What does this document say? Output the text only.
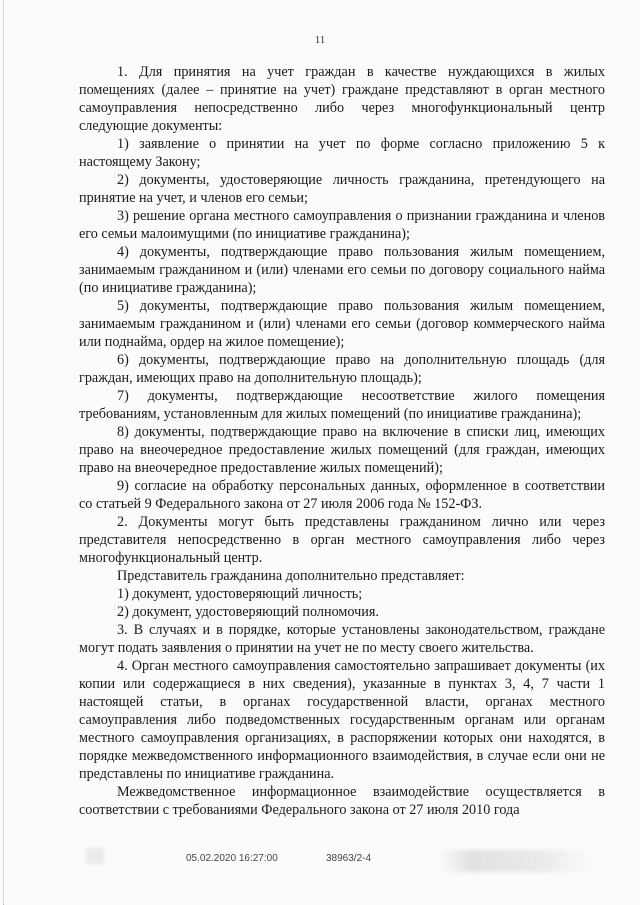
11

1. Для принятия на учет граждан в качестве нуждающихся в жилых помещениях (далее – принятие на учет) граждане представляют в орган местного самоуправления непосредственно либо через многофункциональный центр следующие документы:

1) заявление о принятии на учет по форме согласно приложению 5 к настоящему Закону;

2) документы, удостоверяющие личность гражданина, претендующего на принятие на учет, и членов его семьи;

3) решение органа местного самоуправления о признании гражданина и членов его семьи малоимущими (по инициативе гражданина);

4) документы, подтверждающие право пользования жилым помещением, занимаемым гражданином и (или) членами его семьи по договору социального найма (по инициативе гражданина);

5) документы, подтверждающие право пользования жилым помещением, занимаемым гражданином и (или) членами его семьи (договор коммерческого найма или поднайма, ордер на жилое помещение);

6) документы, подтверждающие право на дополнительную площадь (для граждан, имеющих право на дополнительную площадь);

7) документы, подтверждающие несоответствие жилого помещения требованиям, установленным для жилых помещений (по инициативе гражданина);

8) документы, подтверждающие право на включение в списки лиц, имеющих право на внеочередное предоставление жилых помещений (для граждан, имеющих право на внеочередное предоставление жилых помещений);

9) согласие на обработку персональных данных, оформленное в соответствии со статьей 9 Федерального закона от 27 июля 2006 года № 152-ФЗ.

2. Документы могут быть представлены гражданином лично или через представителя непосредственно в орган местного самоуправления либо через многофункциональный центр.

Представитель гражданина дополнительно представляет:

1) документ, удостоверяющий личность;

2) документ, удостоверяющий полномочия.

3. В случаях и в порядке, которые установлены законодательством, граждане могут подать заявления о принятии на учет не по месту своего жительства.

4. Орган местного самоуправления самостоятельно запрашивает документы (их копии или содержащиеся в них сведения), указанные в пунктах 3, 4, 7 части 1 настоящей статьи, в органах государственной власти, органах местного самоуправления либо подведомственных государственным органам или органам местного самоуправления организациях, в распоряжении которых они находятся, в порядке межведомственного информационного взаимодействия, в случае если они не представлены по инициативе гражданина.

Межведомственное информационное взаимодействие осуществляется в соответствии с требованиями Федерального закона от 27 июля 2010 года

05.02.2020 16:27:00	38963/2-4
